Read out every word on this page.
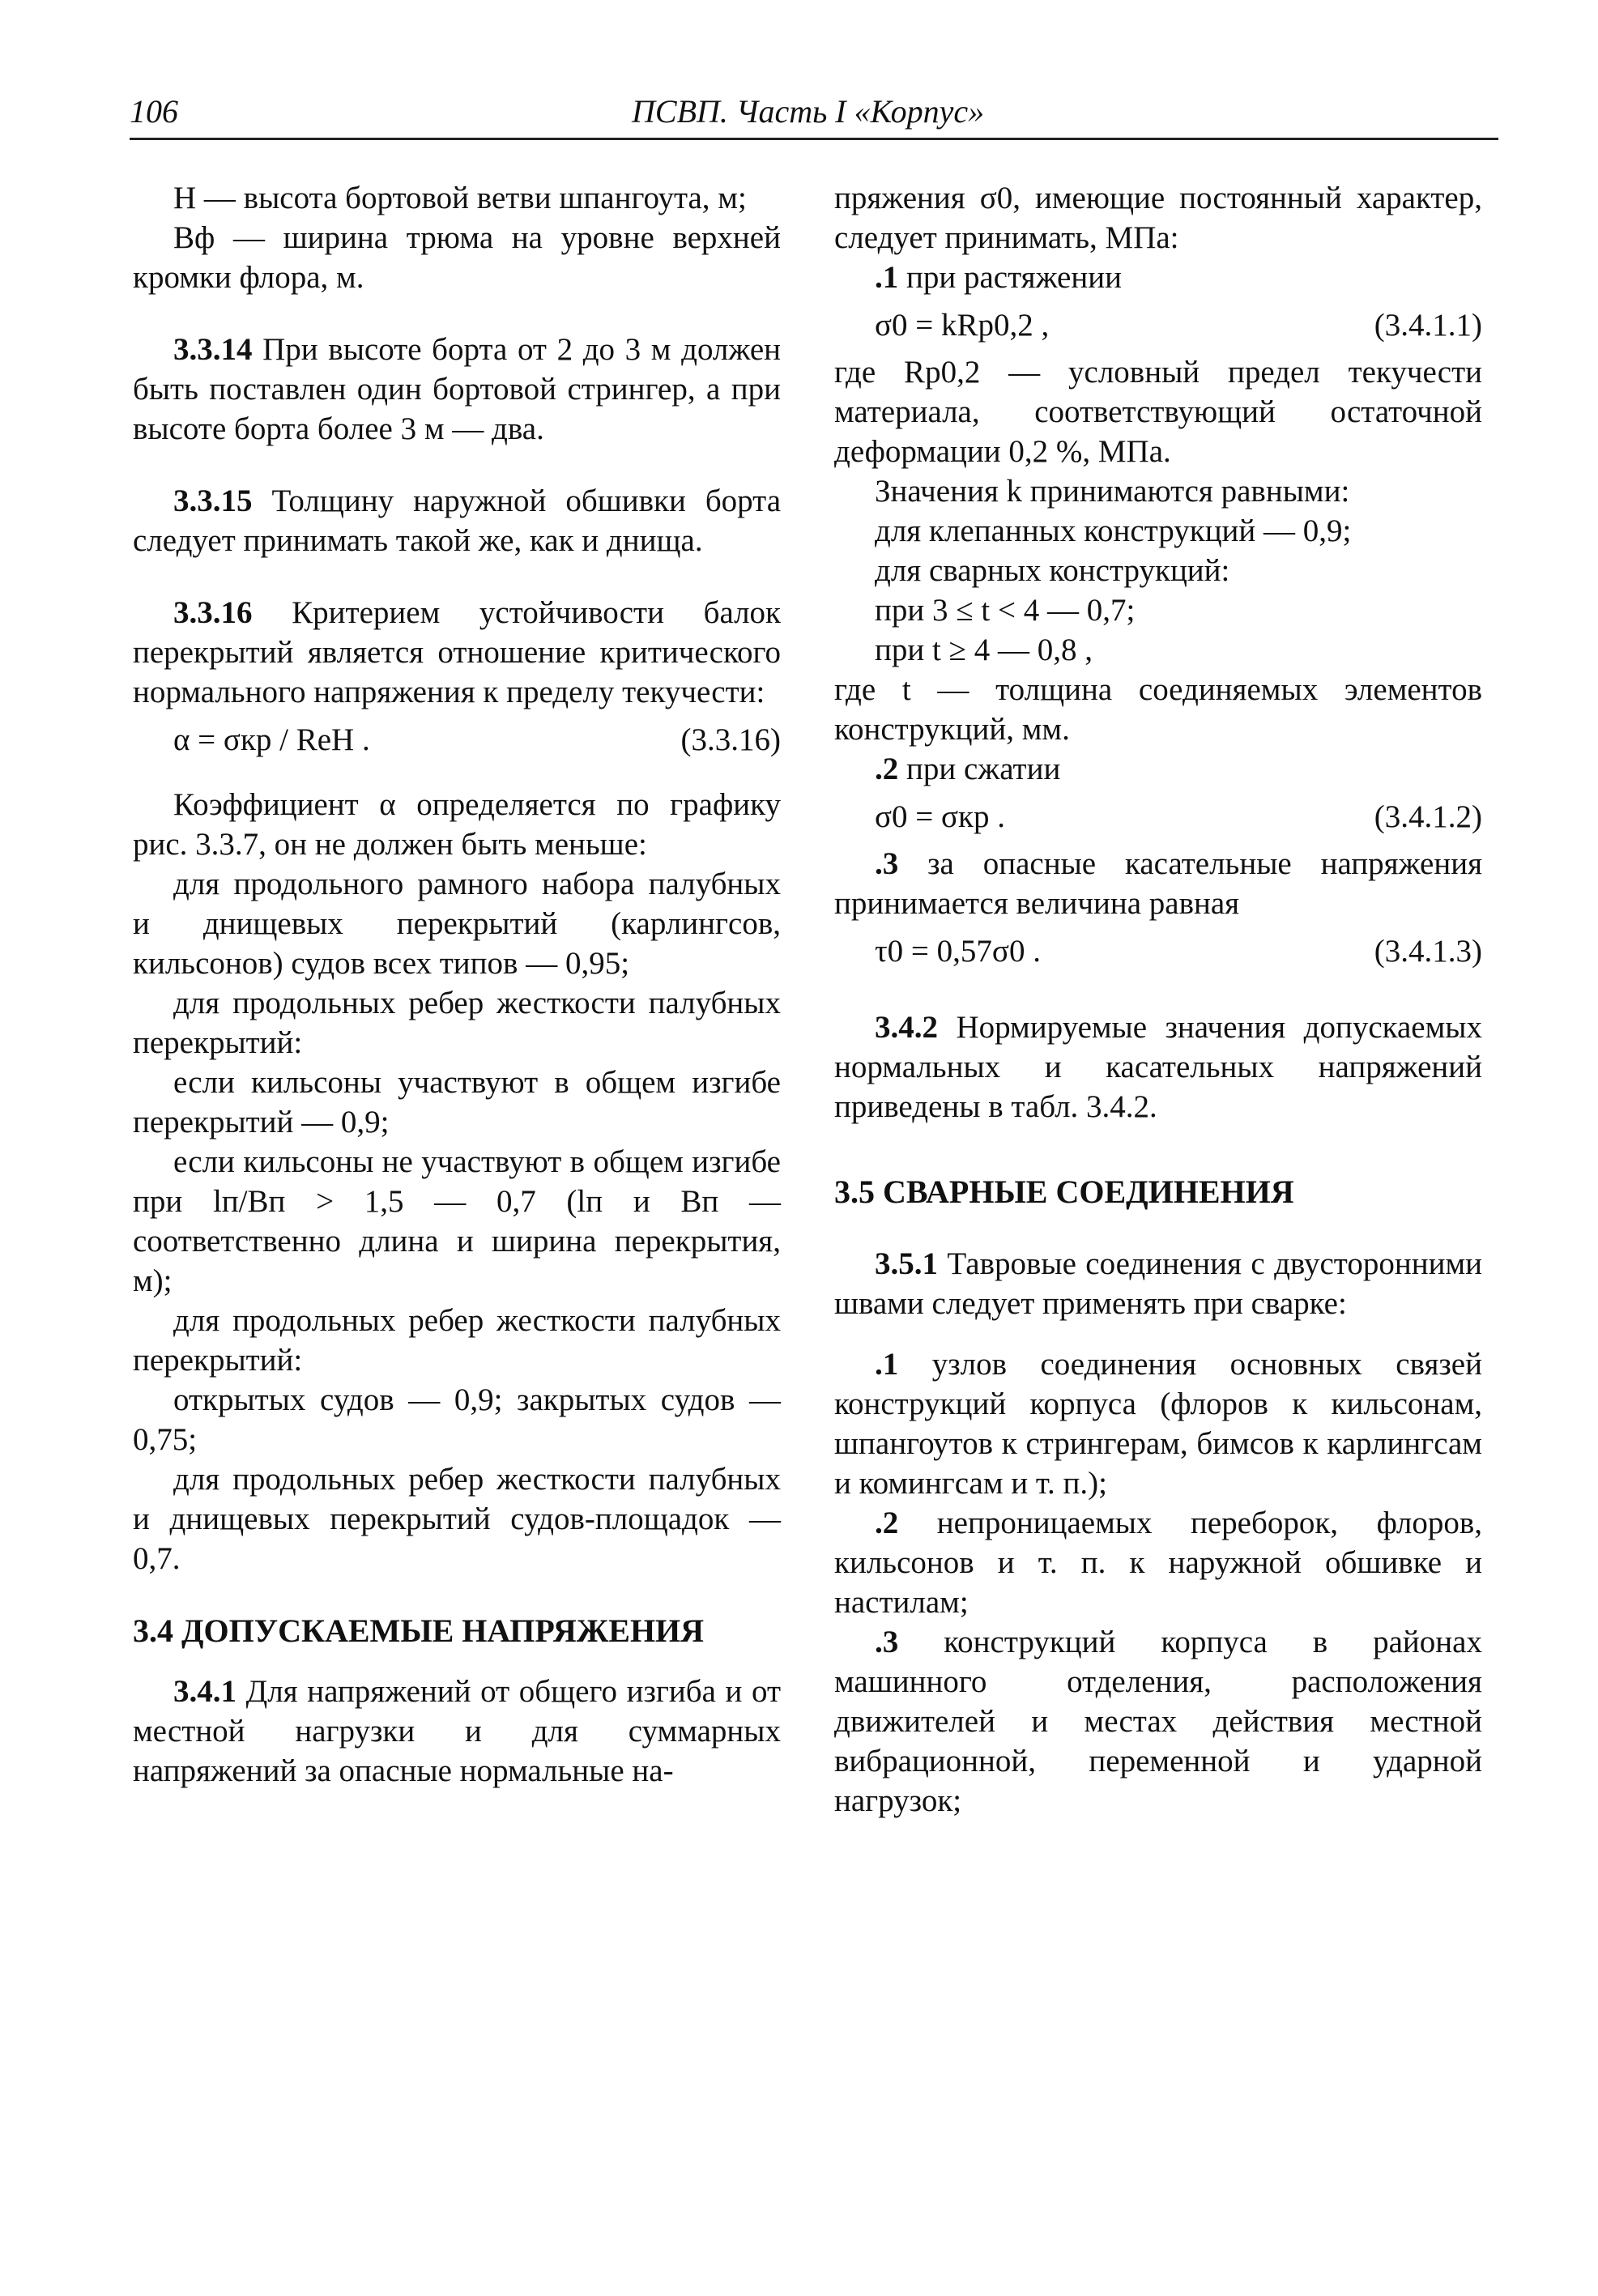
106	ПСВП. Часть I «Корпус»

H — высота бортовой ветви шпангоута, м;

Bф — ширина трюма на уровне верхней кромки флора, м.

3.3.14 При высоте борта от 2 до 3 м должен быть поставлен один бортовой стрингер, а при высоте борта более 3 м — два.

3.3.15 Толщину наружной обшивки борта следует принимать такой же, как и днища.

3.3.16 Критерием устойчивости балок перекрытий является отношение критического нормального напряжения к пределу текучести:

α = σкр / ReH .	(3.3.16)

Коэффициент α определяется по графику рис. 3.3.7, он не должен быть меньше:

для продольного рамного набора палубных и днищевых перекрытий (карлингсов, кильсонов) судов всех типов — 0,95;

для продольных ребер жесткости палубных перекрытий:

если кильсоны участвуют в общем изгибе перекрытий — 0,9;

если кильсоны не участвуют в общем изгибе при lп/Bп > 1,5 — 0,7 (lп и Bп — соответственно длина и ширина перекрытия, м);

для продольных ребер жесткости палубных перекрытий:

открытых судов — 0,9; закрытых судов — 0,75;

для продольных ребер жесткости палубных и днищевых перекрытий судов-площадок — 0,7.

3.4 ДОПУСКАЕМЫЕ НАПРЯЖЕНИЯ

3.4.1 Для напряжений от общего изгиба и от местной нагрузки и для суммарных напряжений за опасные нормальные на-

пряжения σ0, имеющие постоянный характер, следует принимать, МПа:

.1 при растяжении

σ0 = kRp0,2 ,	(3.4.1.1)

где Rp0,2 — условный предел текучести материала, соответствующий остаточной деформации 0,2 %, МПа.

Значения k принимаются равными:

для клепанных конструкций — 0,9;

для сварных конструкций:

при 3 ≤ t < 4 — 0,7;

при t ≥ 4 — 0,8 ,

где t — толщина соединяемых элементов конструкций, мм.

.2 при сжатии

σ0 = σкр .	(3.4.1.2)

.3 за опасные касательные напряжения принимается величина равная

τ0 = 0,57σ0 .	(3.4.1.3)

3.4.2 Нормируемые значения допускаемых нормальных и касательных напряжений приведены в табл. 3.4.2.

3.5 СВАРНЫЕ СОЕДИНЕНИЯ

3.5.1 Тавровые соединения с двусторонними швами следует применять при сварке:

.1 узлов соединения основных связей конструкций корпуса (флоров к кильсонам, шпангоутов к стрингерам, бимсов к карлингсам и комингсам и т. п.);

.2 непроницаемых переборок, флоров, кильсонов и т. п. к наружной обшивке и настилам;

.3 конструкций корпуса в районах машинного отделения, расположения движителей и местах действия местной вибрационной, переменной и ударной нагрузок;
